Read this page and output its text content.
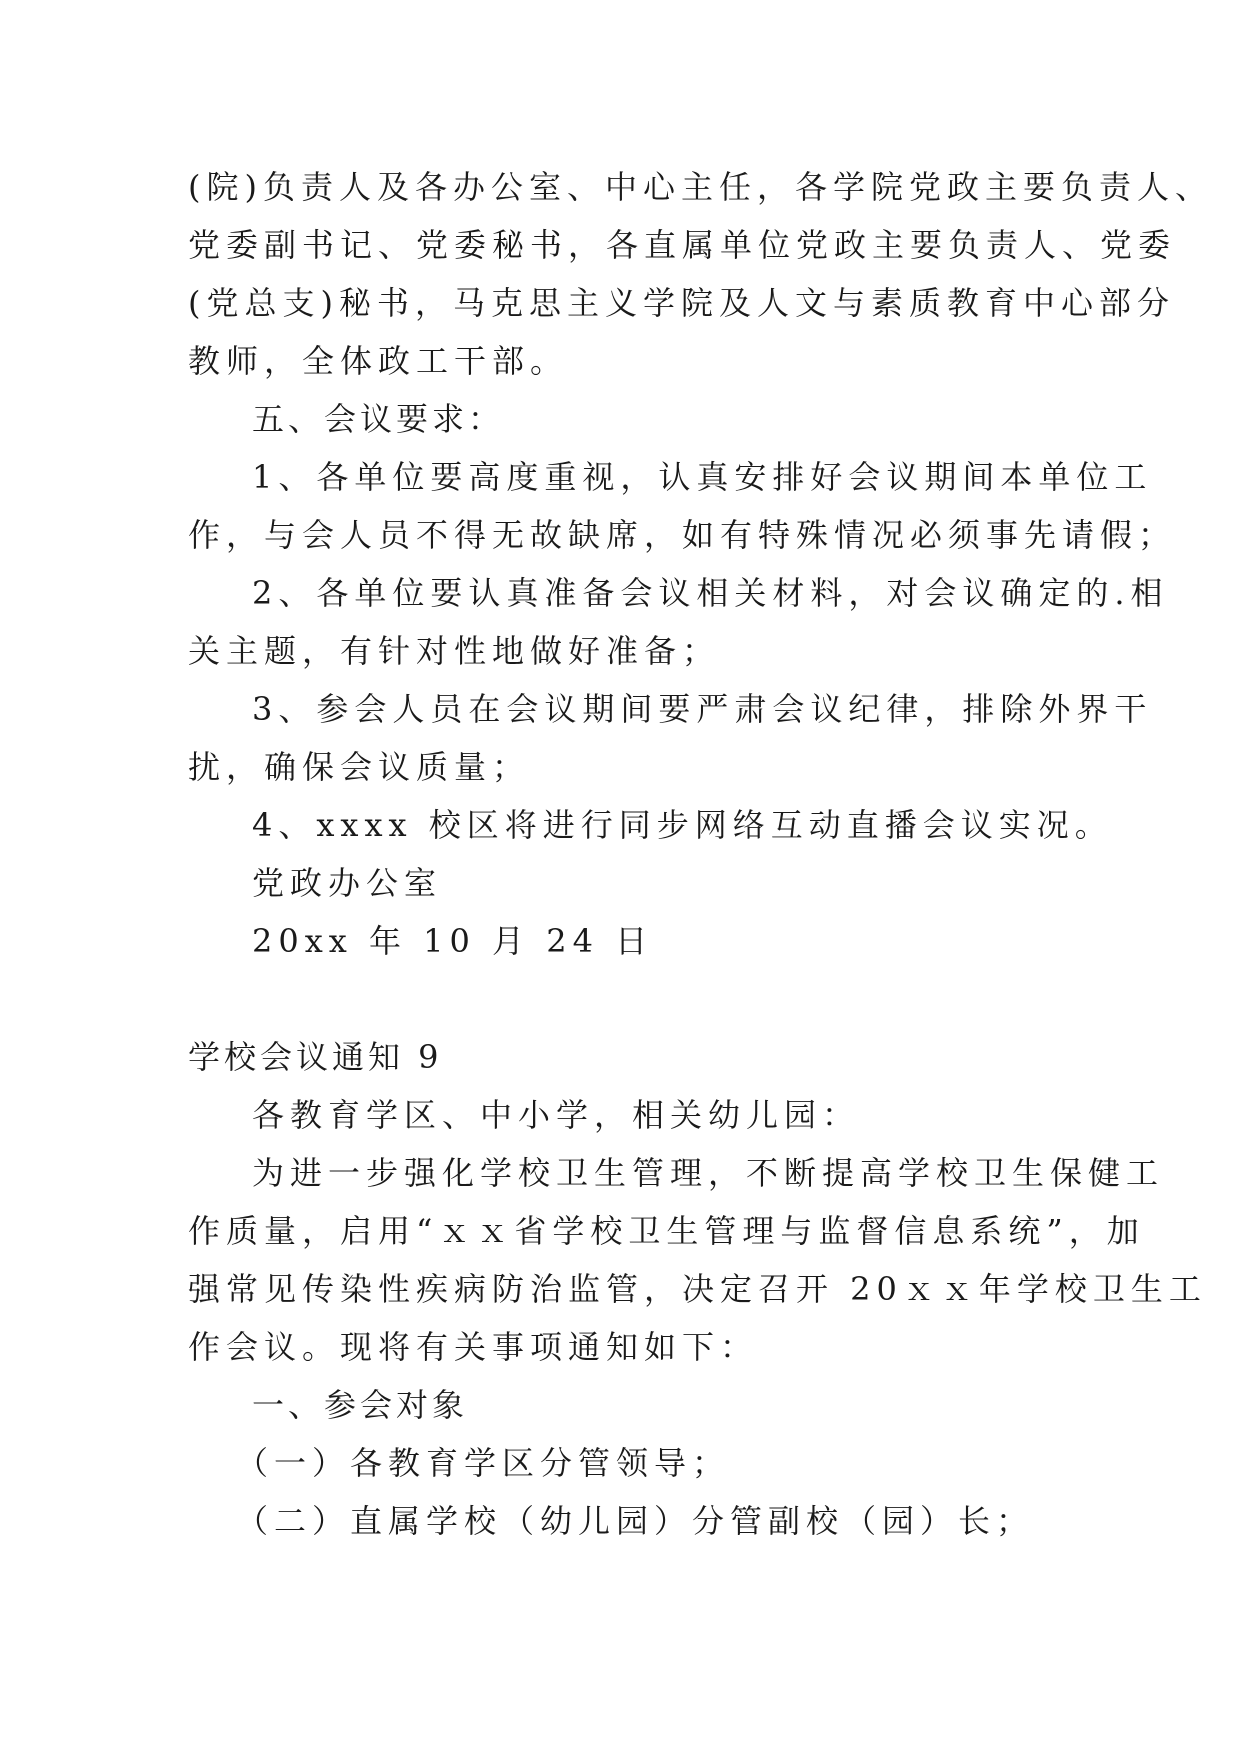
(院)负责人及各办公室、中心主任，各学院党政主要负责人、
党委副书记、党委秘书，各直属单位党政主要负责人、党委
(党总支)秘书，马克思主义学院及人文与素质教育中心部分
教师，全体政工干部。
五、会议要求：
1、各单位要高度重视，认真安排好会议期间本单位工
作，与会人员不得无故缺席，如有特殊情况必须事先请假；
2、各单位要认真准备会议相关材料，对会议确定的.相
关主题，有针对性地做好准备；
3、参会人员在会议期间要严肃会议纪律，排除外界干
扰，确保会议质量；
4、xxxx 校区将进行同步网络互动直播会议实况。
党政办公室
20xx 年 10 月 24 日
学校会议通知 9
各教育学区、中小学，相关幼儿园：
为进一步强化学校卫生管理，不断提高学校卫生保健工
作质量，启用“ｘｘ省学校卫生管理与监督信息系统”，加
强常见传染性疾病防治监管，决定召开 20ｘｘ年学校卫生工
作会议。现将有关事项通知如下：
一、参会对象
（一）各教育学区分管领导；
（二）直属学校（幼儿园）分管副校（园）长；
